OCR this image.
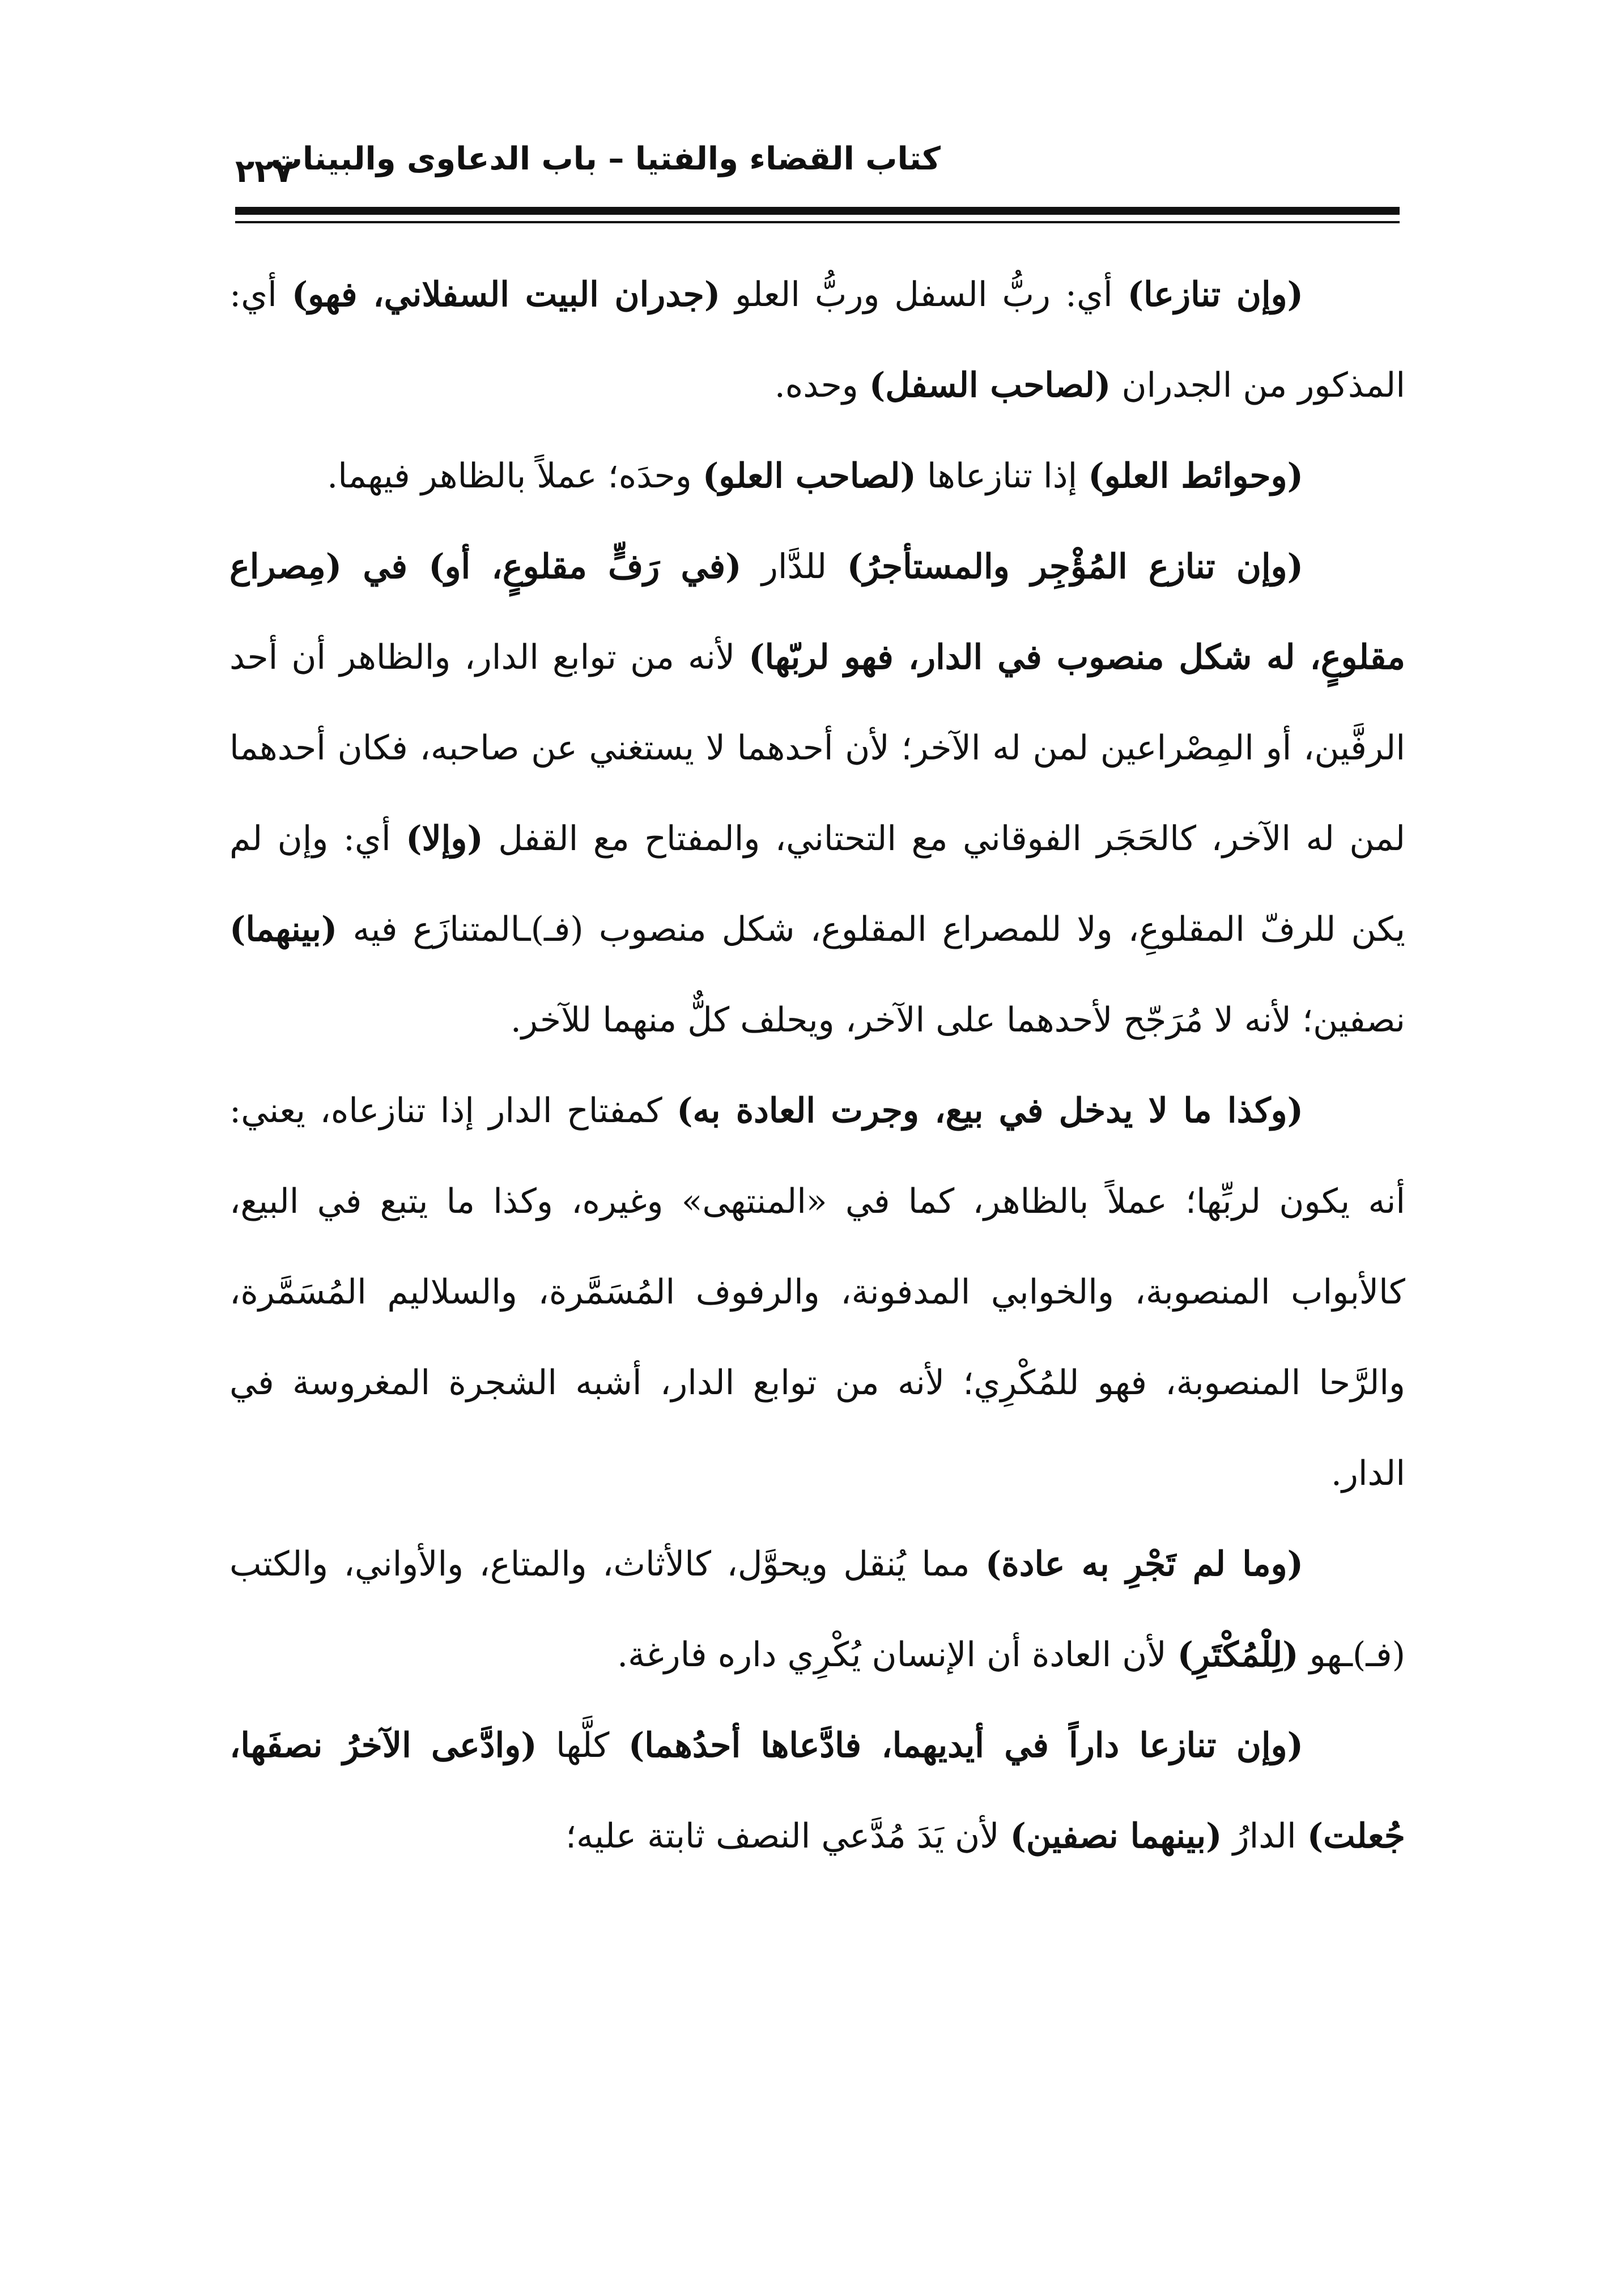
كتاب القضاء والفتيا – باب الدعاوى والبينات
٢٢٧

(وإن تنازعا) أي: ربُّ السفل وربُّ العلو (جدران البيت السفلاني، فهو) أي: المذكور من الجدران (لصاحب السفل) وحده.

(وحوائط العلو) إذا تنازعاها (لصاحب العلو) وحدَه؛ عملاً بالظاهر فيهما.

(وإن تنازع المُؤْجِر والمستأجرُ) للدَّار (في رَفٍّ مقلوعٍ، أو) في (مِصراع مقلوعٍ، له شكل منصوب في الدار، فهو لربّها) لأنه من توابع الدار، والظاهر أن أحد الرفَّين، أو المِصْراعين لمن له الآخر؛ لأن أحدهما لا يستغني عن صاحبه، فكان أحدهما لمن له الآخر، كالحَجَر الفوقاني مع التحتاني، والمفتاح مع القفل (وإلا) أي: وإن لم يكن للرفّ المقلوعِ، ولا للمصراع المقلوع، شكل منصوب (فـ)ـالمتنازَع فيه (بينهما) نصفين؛ لأنه لا مُرَجّح لأحدهما على الآخر، ويحلف كلٌّ منهما للآخر.

(وكذا ما لا يدخل في بيع، وجرت العادة به) كمفتاح الدار إذا تنازعاه، يعني: أنه يكون لربِّها؛ عملاً بالظاهر، كما في «المنتهى» وغيره، وكذا ما يتبع في البيع، كالأبواب المنصوبة، والخوابي المدفونة، والرفوف المُسَمَّرة، والسلاليم المُسَمَّرة، والرَّحا المنصوبة، فهو للمُكْرِي؛ لأنه من توابع الدار، أشبه الشجرة المغروسة في الدار.

(وما لم تَجْرِ به عادة) مما يُنقل ويحوَّل، كالأثاث، والمتاع، والأواني، والكتب (فـ)ـهو (لِلْمُكْتَرِ) لأن العادة أن الإنسان يُكْرِي داره فارغة.

(وإن تنازعا داراً في أيديهما، فادَّعاها أحدُهما) كلَّها (وادَّعى الآخرُ نصفَها، جُعلت) الدارُ (بينهما نصفين) لأن يَدَ مُدَّعي النصف ثابتة عليه؛
